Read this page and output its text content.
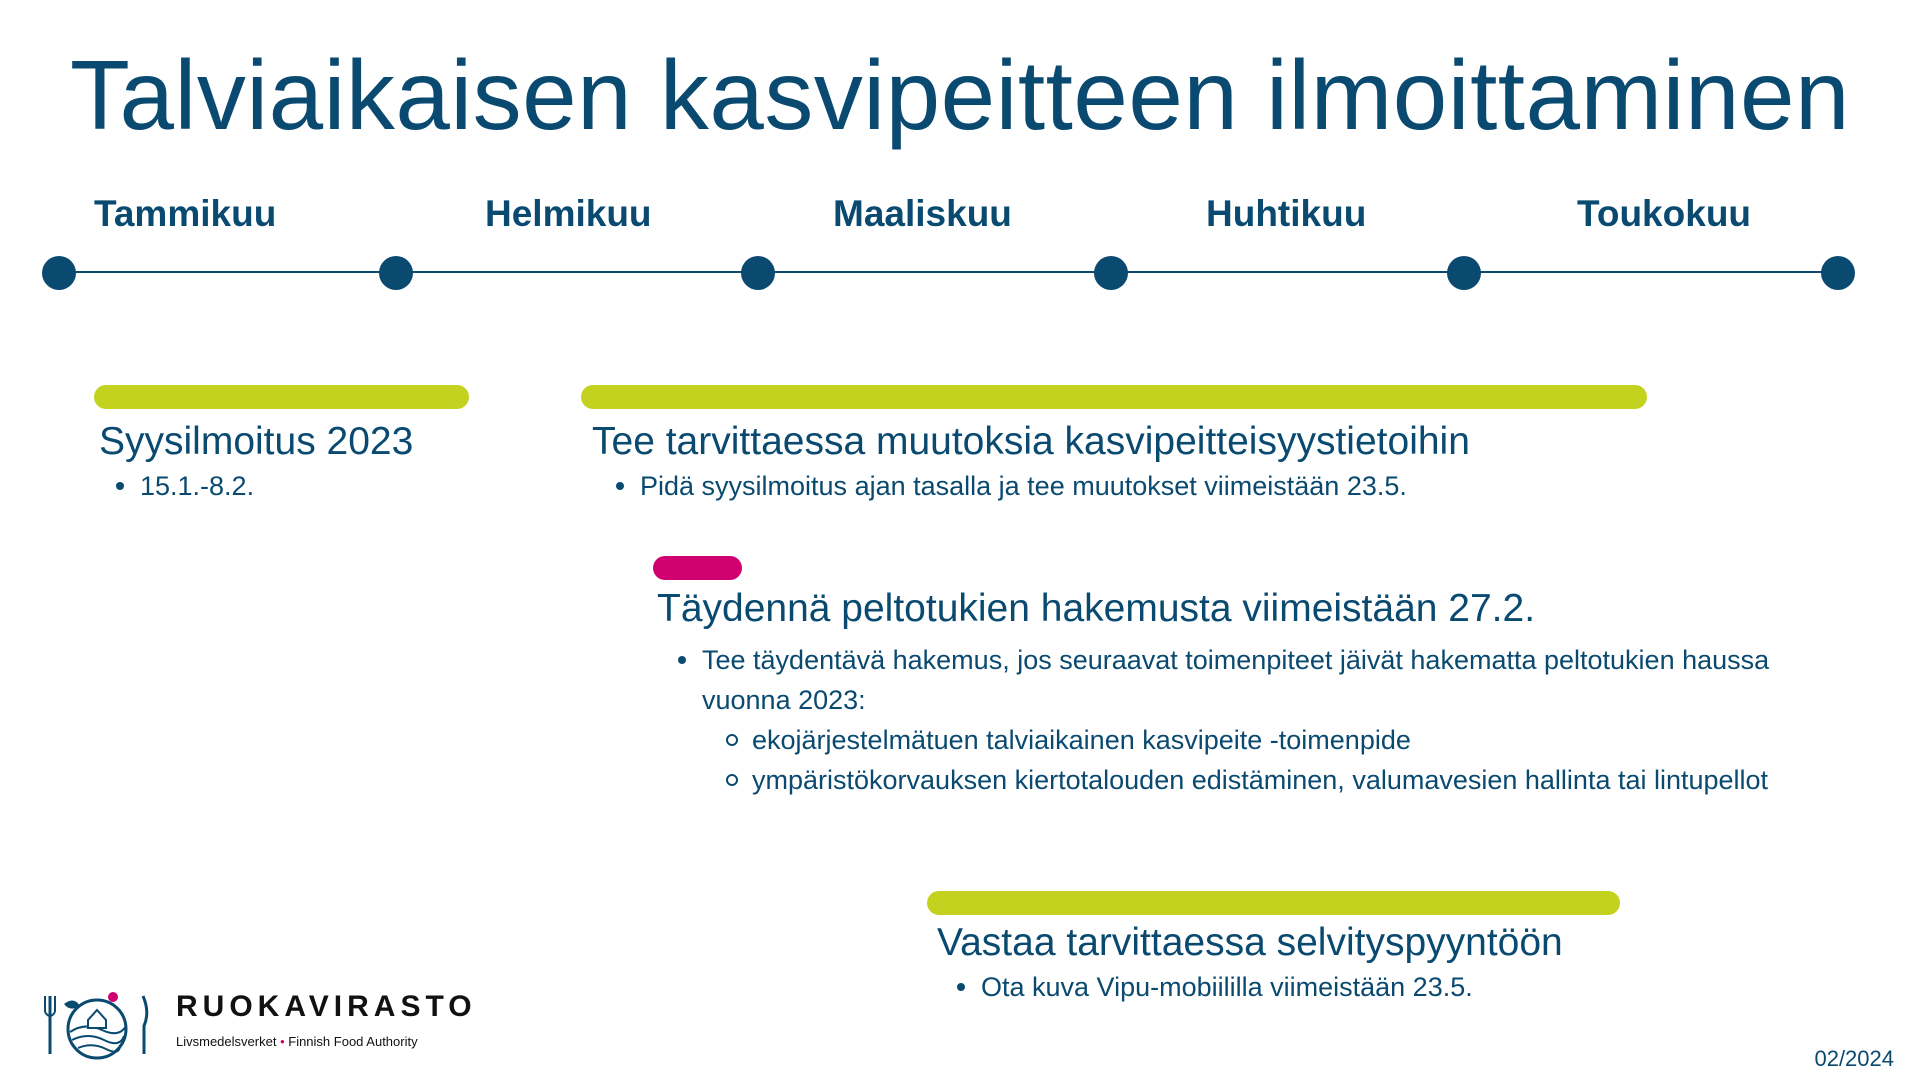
Talviaikaisen kasvipeitteen ilmoittaminen
Tammikuu	Helmikuu	Maaliskuu	Huhtikuu	Toukokuu
Syysilmoitus 2023
15.1.-8.2.
Tee tarvittaessa muutoksia kasvipeitteisyystietoihin
Pidä syysilmoitus ajan tasalla ja tee muutokset viimeistään 23.5.
Täydennä peltotukien hakemusta viimeistään 27.2.
Tee täydentävä hakemus, jos seuraavat toimenpiteet jäivät hakematta peltotukien haussa vuonna 2023:
ekojärjestelmätuen talviaikainen kasvipeite -toimenpide
ympäristökorvauksen kiertotalouden edistäminen, valumavesien hallinta tai lintupellot
Vastaa tarvittaessa selvityspyyntöön
Ota kuva Vipu-mobiililla viimeistään 23.5.
RUOKAVIRASTO
Livsmedelsverket • Finnish Food Authority
02/2024
